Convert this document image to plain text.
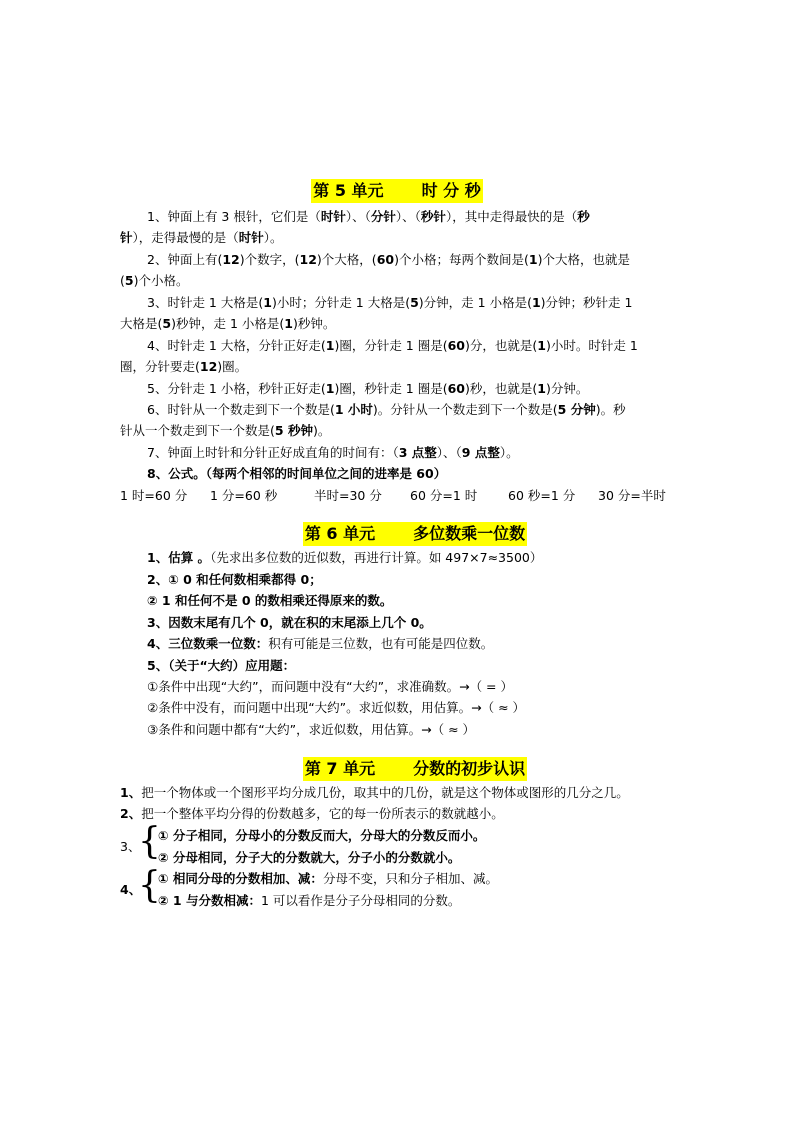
第 5 单元 时 分 秒
1、钟面上有 3 根针，它们是（时针）、（分针）、（秒针），其中走得最快的是（秒
针），走得最慢的是（时针）。
2、钟面上有(12)个数字，(12)个大格，(60)个小格；每两个数间是(1)个大格，也就是
(5)个小格。
3、时针走 1 大格是(1)小时；分针走 1 大格是(5)分钟，走 1 小格是(1)分钟；秒针走 1
大格是(5)秒钟，走 1 小格是(1)秒钟。
4、时针走 1 大格，分针正好走(1)圈，分针走 1 圈是(60)分，也就是(1)小时。时针走 1
圈，分针要走(12)圈。
5、分针走 1 小格，秒针正好走(1)圈，秒针走 1 圈是(60)秒，也就是(1)分钟。
6、时针从一个数走到下一个数是(1 小时)。分针从一个数走到下一个数是(5 分钟)。秒
针从一个数走到下一个数是(5 秒钟)。
7、钟面上时针和分针正好成直角的时间有：（3 点整）、（9 点整）。
8、公式。（每两个相邻的时间单位之间的进率是 60）
1 时=60 分 1 分=60 秒	半时=30 分 60 分=1 时 60 秒=1 分 30 分=半时
第 6 单元 多位数乘一位数
1、估算 。（先求出多位数的近似数，再进行计算。如 497×7≈3500）
2、① 0 和任何数相乘都得 0；
② 1 和任何不是 0 的数相乘还得原来的数。
3、因数末尾有几个 0，就在积的末尾添上几个 0。
4、三位数乘一位数：积有可能是三位数，也有可能是四位数。
5、（关于“大约）应用题：
①条件中出现“大约”，而问题中没有“大约”，求准确数。→（ = ）
②条件中没有，而问题中出现“大约”。求近似数，用估算。→（ ≈ ）
③条件和问题中都有“大约”，求近似数，用估算。→（ ≈ ）
第 7 单元 分数的初步认识
1、把一个物体或一个图形平均分成几份，取其中的几份，就是这个物体或图形的几分之几。
2、把一个整体平均分得的份数越多，它的每一份所表示的数就越小。
3、
{
① 分子相同，分母小的分数反而大，分母大的分数反而小。
② 分母相同，分子大的分数就大，分子小的分数就小。
4、
{
① 相同分母的分数相加、减：分母不变，只和分子相加、减。
② 1 与分数相减：1 可以看作是分子分母相同的分数。
